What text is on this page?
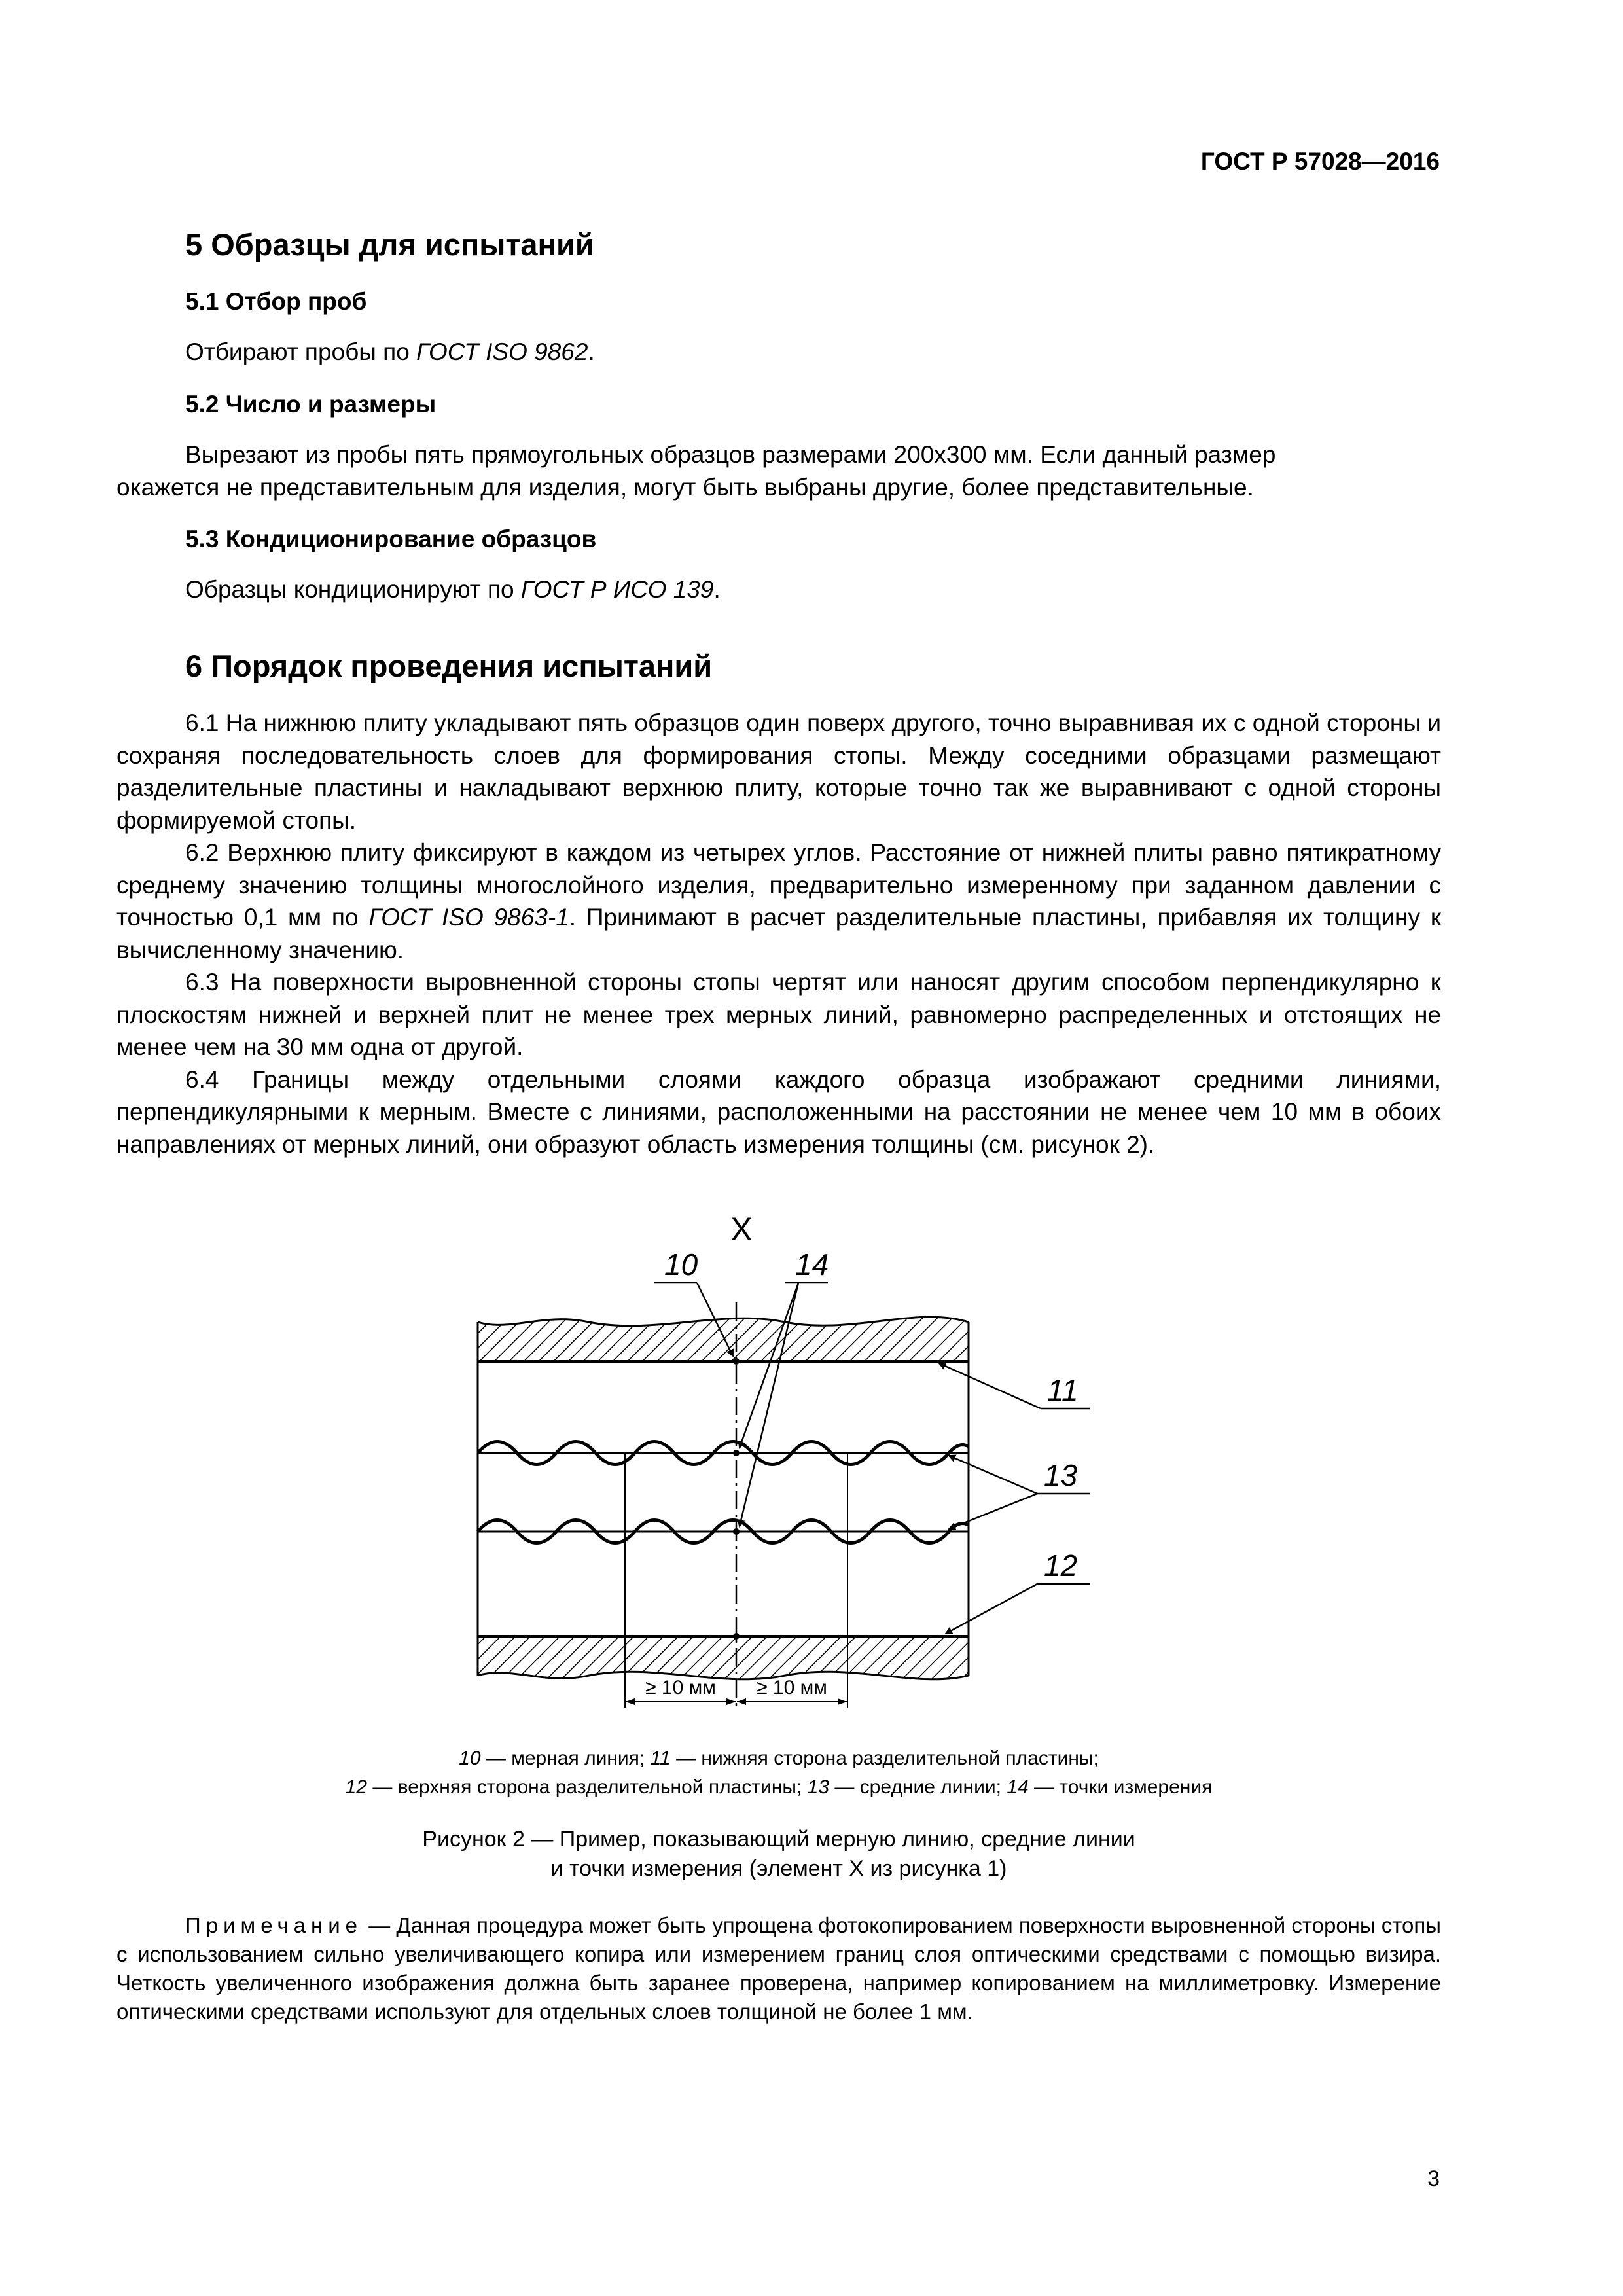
ГОСТ Р 57028—2016
5 Образцы для испытаний
5.1 Отбор проб
Отбирают пробы по ГОСТ ISO 9862.
5.2 Число и размеры
Вырезают из пробы пять прямоугольных образцов размерами 200х300 мм. Если данный размер
окажется не представительным для изделия, могут быть выбраны другие, более представительные.
5.3 Кондиционирование образцов
Образцы кондиционируют по ГОСТ Р ИСО 139.
6 Порядок проведения испытаний

6.1 На нижнюю плиту укладывают пять образцов один поверх другого, точно выравнивая их с одной стороны и сохраняя последовательность слоев для формирования стопы. Между соседними образцами размещают разделительные пластины и накладывают верхнюю плиту, которые точно так же выравнивают с одной стороны формируемой стопы.

6.2 Верхнюю плиту фиксируют в каждом из четырех углов. Расстояние от нижней плиты равно пятикратному среднему значению толщины многослойного изделия, предварительно измеренному при заданном давлении с точностью 0,1 мм по ГОСТ ISO 9863-1. Принимают в расчет разделительные пластины, прибавляя их толщину к вычисленному значению.

6.3 На поверхности выровненной стороны стопы чертят или наносят другим способом перпендикулярно к плоскостям нижней и верхней плит не менее трех мерных линий, равномерно распределенных и отстоящих не менее чем на 30 мм одна от другой.

6.4 Границы между отдельными слоями каждого образца изображают средними линиями, перпендикулярными к мерным. Вместе с линиями, расположенными на расстоянии не менее чем 10 мм в обоих направлениях от мерных линий, они образуют область измерения толщины (см. рисунок 2).

X
10	14
11
13
12
≥ 10 мм ≥ 10 мм
10 — мерная линия; 11 — нижняя сторона разделительной пластины;
12 — верхняя сторона разделительной пластины; 13 — средние линии; 14 — точки измерения
Рисунок 2 — Пример, показывающий мерную линию, средние линии
и точки измерения (элемент X из рисунка 1)

Примечание — Данная процедура может быть упрощена фотокопированием поверхности выровненной стороны стопы с использованием сильно увеличивающего копира или измерением границ слоя оптическими средствами с помощью визира. Четкость увеличенного изображения должна быть заранее проверена, например копированием на миллиметровку. Измерение оптическими средствами используют для отдельных слоев толщиной не более 1 мм.

3
